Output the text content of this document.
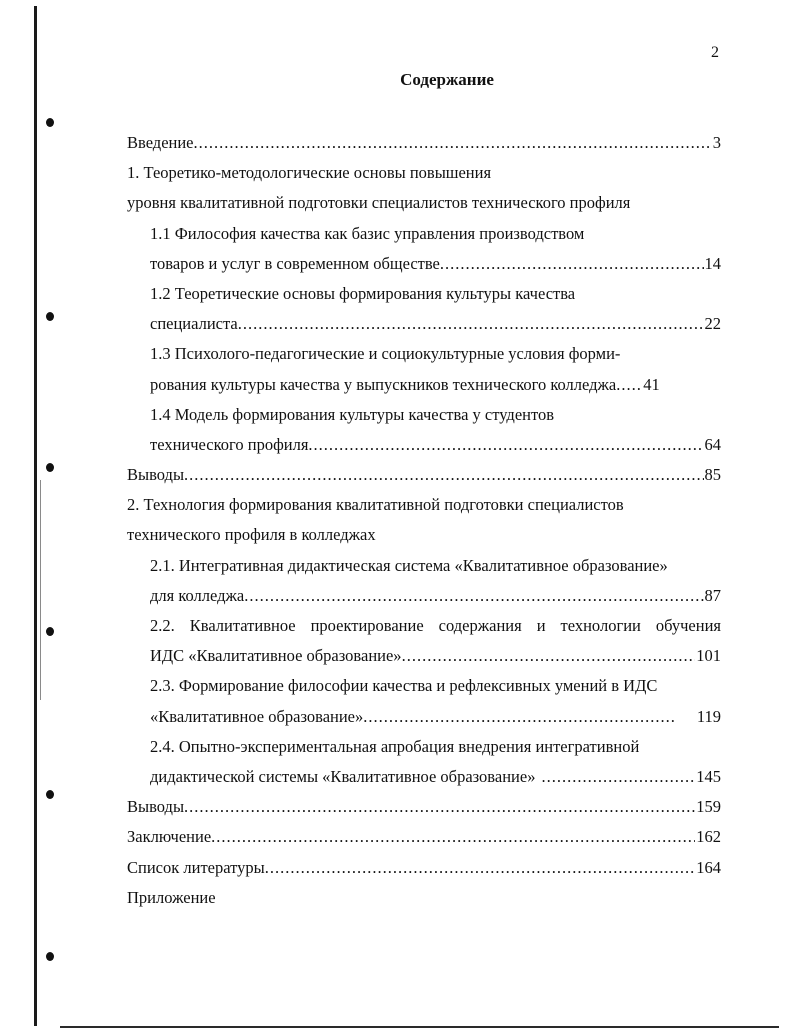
2
Содержание
Введение .....	3
1. Теоретико-методологические основы повышения
уровня квалитативной подготовки специалистов технического профиля
1.1 Философия качества как базис управления производством
товаров и услуг в современном обществе .....	14
1.2 Теоретические основы формирования культуры качества
специалиста .....	22
1.3 Психолого-педагогические и социокультурные условия форми-
рования культуры качества у выпускников технического колледжа ..... 41
1.4 Модель формирования культуры качества у студентов
технического профиля .....	64
Выводы .....	85
2. Технология формирования квалитативной подготовки специалистов
технического профиля в колледжах
2.1. Интегративная дидактическая система «Квалитативное образование»
для колледжа .....	87
2.2. Квалитативное проектирование содержания и технологии обучения
ИДС «Квалитативное образование» .....	101
2.3. Формирование философии качества и рефлексивных умений в ИДС
«Квалитативное образование» .....	119
2.4. Опытно-экспериментальная апробация внедрения интегративной
дидактической системы «Квалитативное образование» .....	145
Выводы .....	159
Заключение .....	162
Список литературы .....	164
Приложение
